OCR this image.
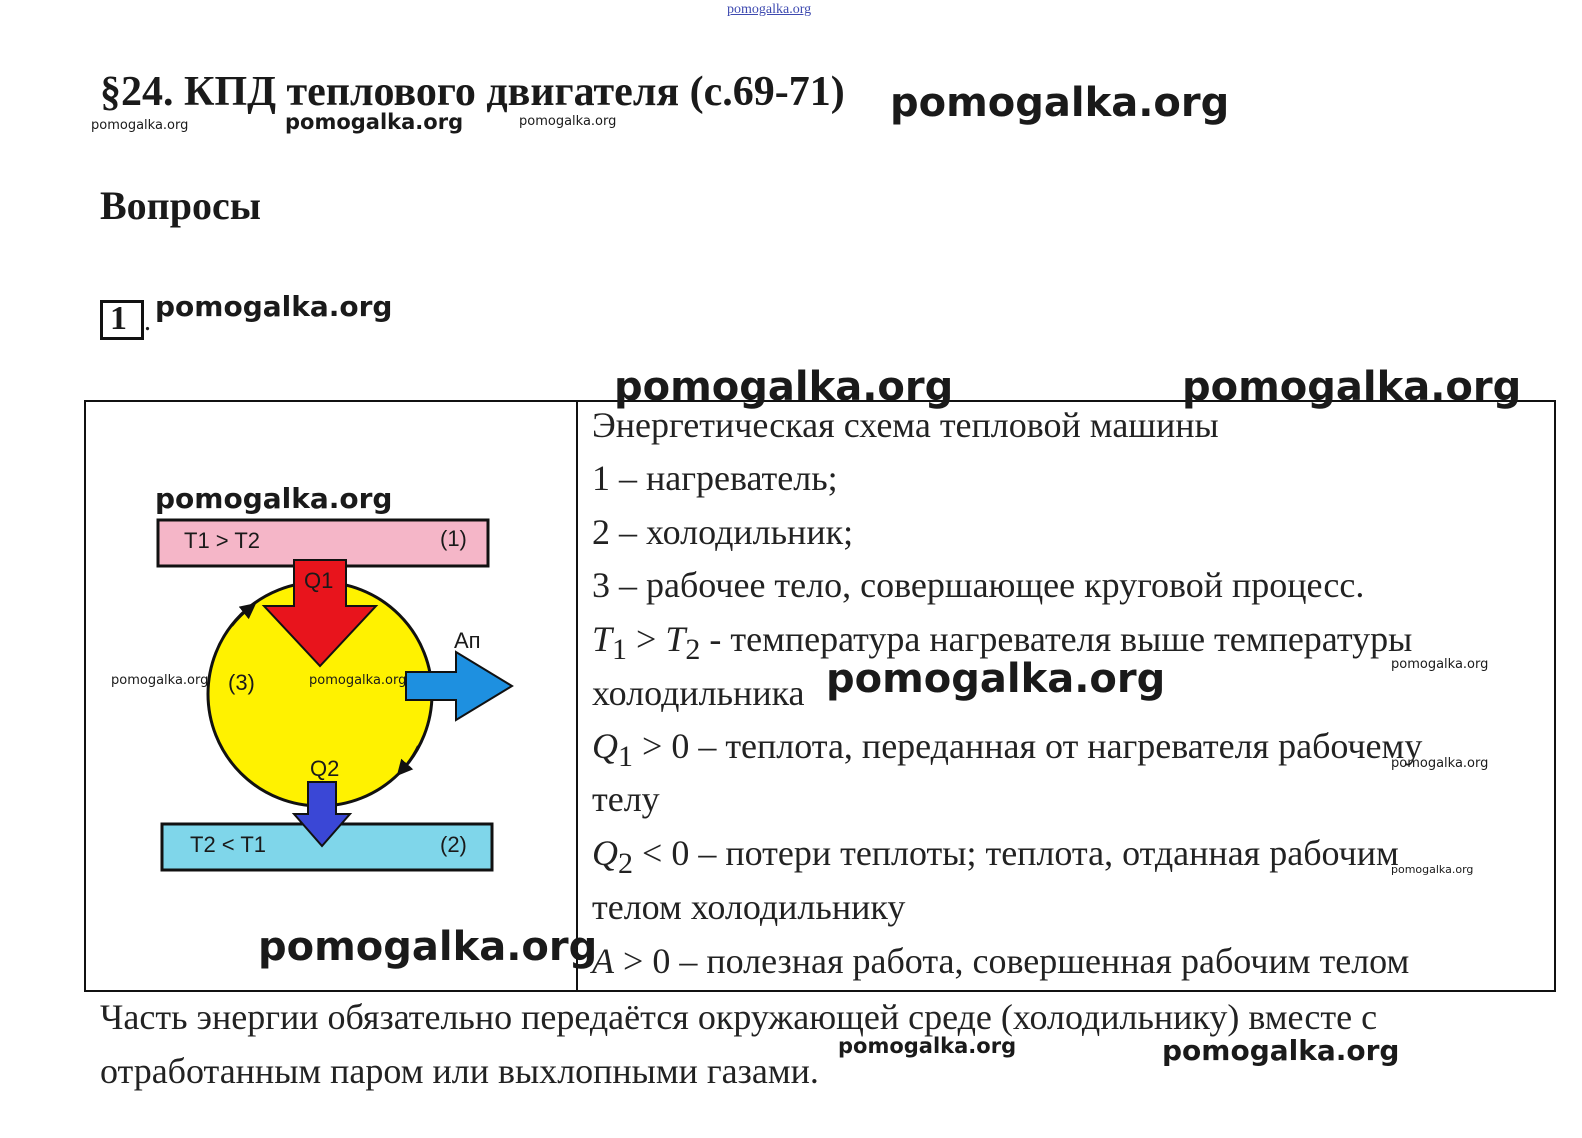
pomogalka.org
§24. КПД теплового двигателя (с.69-71) pomogalka.org
pomogalka.org	pomogalka.org	pomogalka.org
Вопросы
1 . pomogalka.org
T1 > T2	(1)
Q1
Aп
(3)
Q2
T2 < T1	(2)
pomogalka.org
pomogalka.org	pomogalka.org
pomogalka.org
Энергетическая схема тепловой машины
1 – нагреватель;
2 – холодильник;
3 – рабочее тело, совершающее круговой процесс.
$T_1 > T_2$ - температура нагревателя выше температуры
холодильника
$Q_1 > 0$ – теплота, переданная от нагревателя рабочему
телу
$Q_2 < 0$ – потери теплоты; теплота, отданная рабочим
телом холодильнику
A > 0 – полезная работа, совершенная рабочим телом
pomogalka.org	pomogalka.org
pomogalka.org	pomogalka.org
pomogalka.org
pomogalka.org
Часть энергии обязательно передаётся окружающей среде (холодильнику) вместе с
отработанным паром или выхлопными газами.
pomogalka.org	pomogalka.org
